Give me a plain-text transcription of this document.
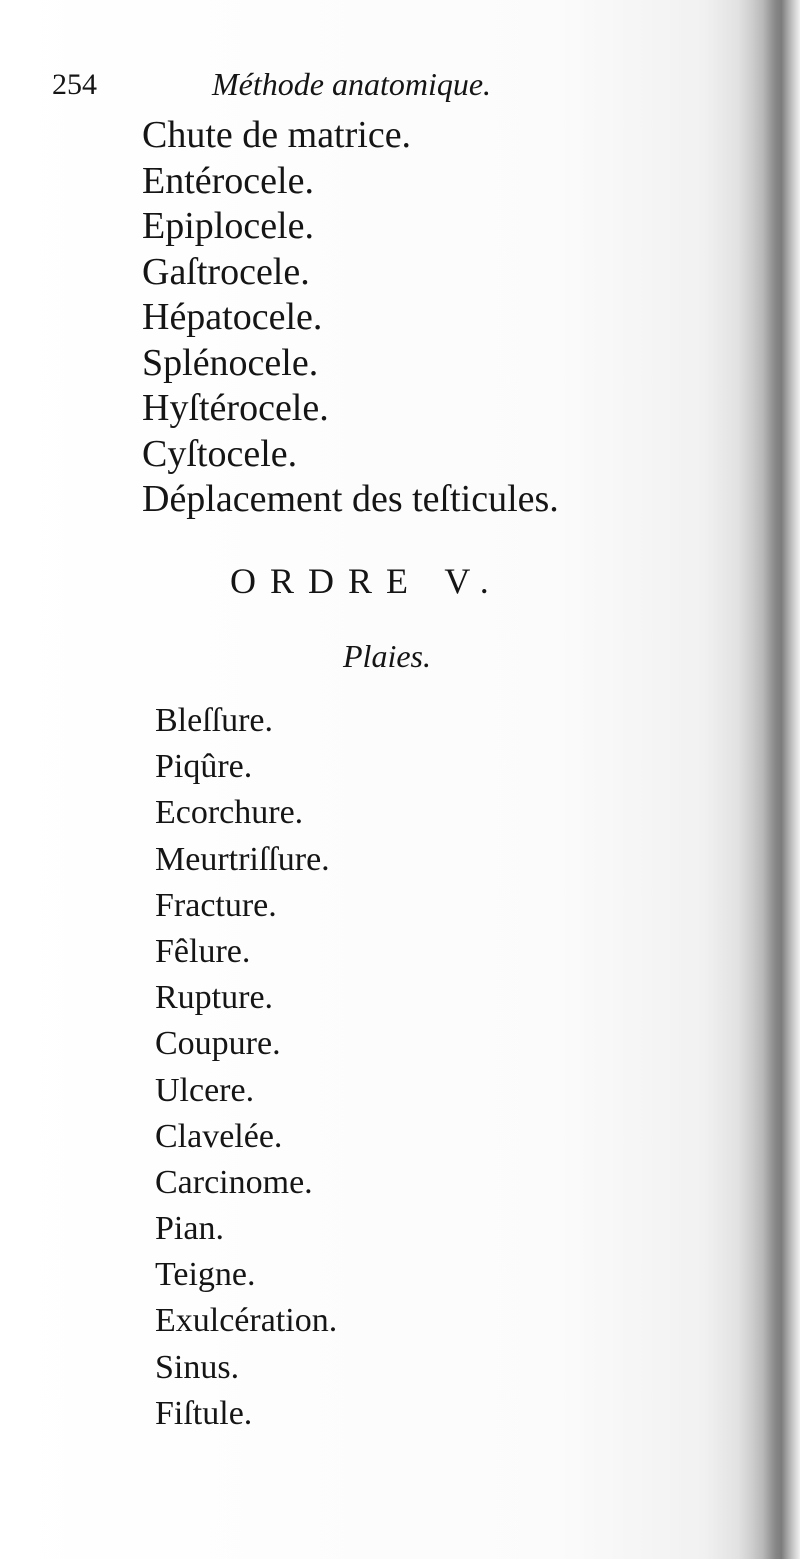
254	Méthode anatomique.
Chute de matrice.
Entérocele.
Epiplocele.
Gaſtrocele.
Hépatocele.
Splénocele.
Hyſtérocele.
Cyſtocele.
Déplacement des teſticules.
ORDRE V.
Plaies.
Bleſſure.
Piqûre.
Ecorchure.
Meurtriſſure.
Fracture.
Fêlure.
Rupture.
Coupure.
Ulcere.
Clavelée.
Carcinome.
Pian.
Teigne.
Exulcération.
Sinus.
Fiſtule.
